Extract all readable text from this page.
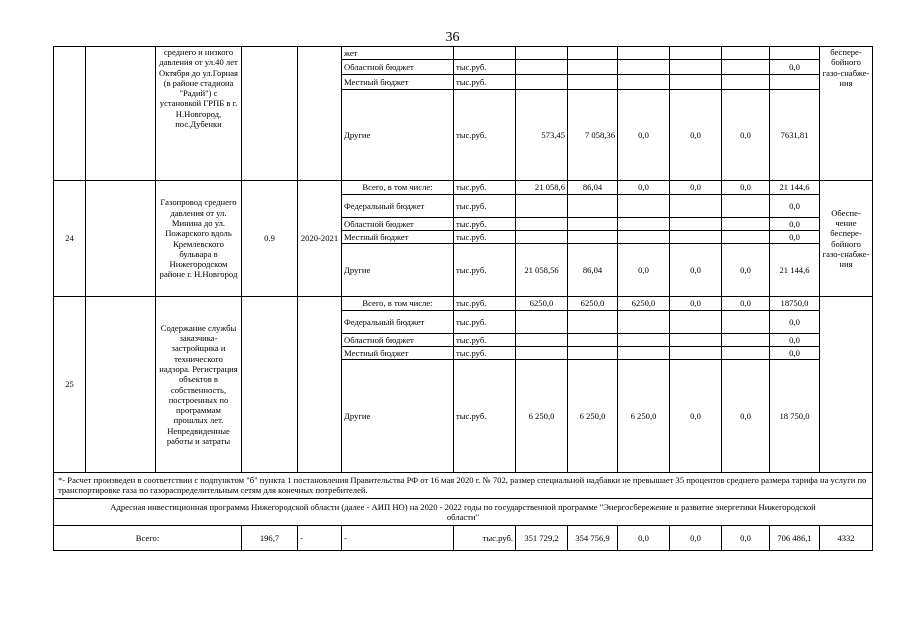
36
		среднего и низкого давления от ул.40 лет Октября до ул.Горная (в районе стадиона "Радий") с установкой ГРПБ в г. Н.Новгород, пос.Дубенки			жет								беспере-бойного газо-снабже-ния
					Областной бюджет	тыс.руб.						0,0	
					Местный бюджет	тыс.руб.							
					Другие	тыс.руб.	573,45	7 058,36	0,0	0,0	0,0	7631,81	
24		Газопровод среднего давления от ул. Минина до ул. Пожарского вдоль Кремлевского бульвара в Нижегородском районе г. Н.Новгород	0.9	2020-2021	Всего, в том числе:	тыс.руб.	21 058,6	86,04	0,0	0,0	0,0	21 144,6	Обеспе-чение беспере-бойного газо-снабже-ния
					Федеральный бюджет	тыс.руб.						0,0	
					Областной бюджет	тыс.руб.						0,0	
					Местный бюджет	тыс.руб.						0,0	
					Другие	тыс.руб.	21 058,56	86,04	0,0	0,0	0,0	21 144,6	
25		Содержание службы заказчика-застройщика и технического надзора. Регистрация объектов в собственность, построенных по программам прошлых лет. Непредвиденные работы и затраты			Всего, в том числе:	тыс.руб.	6250,0	6250,0	6250,0	0,0	0,0	18750,0	
					Федеральный бюджет	тыс.руб.						0,0	
					Областной бюджет	тыс.руб.						0,0	
					Местный бюджет	тыс.руб.						0,0	
					Другие	тыс.руб.	6 250,0	6 250,0	6 250,0	0,0	0,0	18 750,0	
*- Расчет произведен в соответствии с подпунктом "б" пункта 1 постановления Правительства РФ от 16 мая 2020 г. № 702, размер специальной надбавки не превышает 35 процентов среднего размера тарифа на услуги по транспортировке газа по газораспределительным сетям для конечных потребителей.													
Адресная инвестиционная программа Нижегородской области (далее - АИП НО) на 2020 - 2022 годы по государственной программе "Энергосбережение и развитие энергетики Нижегородской области"													
Всего:			196,7	-	-	тыс.руб.	351 729,2	354 756,9	0,0	0,0	0,0	706 486,1	4332
